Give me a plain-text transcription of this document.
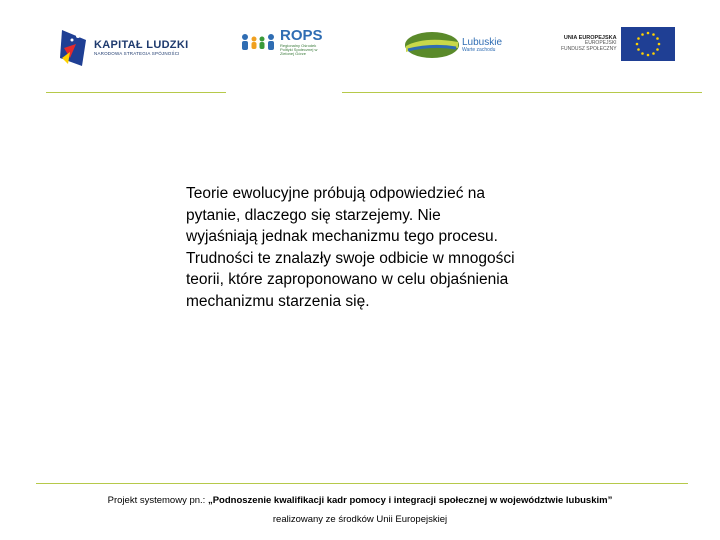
KAPITAŁ LUDZKI
NARODOWA STRATEGIA SPÓJNOŚCI
ROPS
Regionalny Ośrodek Polityki Społecznej w Zielonej Górze
Lubuskie
Warte zachodu
UNIA EUROPEJSKA
EUROPEJSKI
FUNDUSZ SPOŁECZNY
Teorie ewolucyjne próbują odpowiedzieć na pytanie, dlaczego się starzejemy. Nie wyjaśniają jednak mechanizmu tego procesu. Trudności te znalazły swoje odbicie w mnogości teorii, które zaproponowano w celu objaśnienia mechanizmu starzenia się.
Projekt systemowy pn.: „Podnoszenie kwalifikacji kadr pomocy i integracji społecznej w województwie lubuskim”
realizowany ze środków Unii Europejskiej
